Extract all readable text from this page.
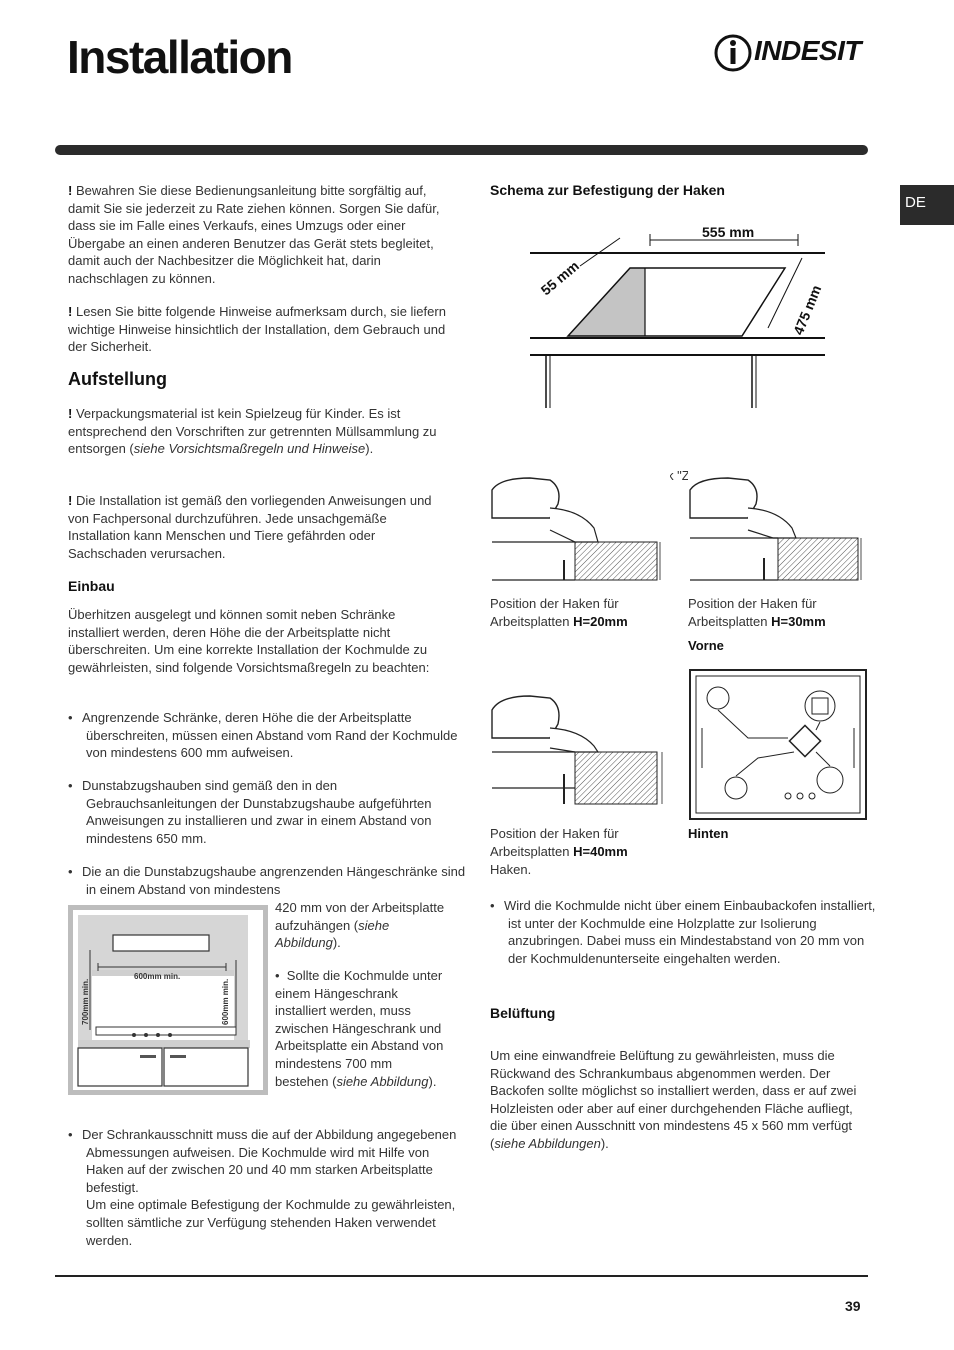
Installation	INDESIT
DE

! Bewahren Sie diese Bedienungsanleitung bitte sorgfältig auf, damit Sie sie jederzeit zu Rate ziehen können. Sorgen Sie dafür, dass sie im Falle eines Verkaufs, eines Umzugs oder einer Übergabe an einen anderen Benutzer das Gerät stets begleitet, damit auch der Nachbesitzer die Möglichkeit hat, darin nachschlagen zu können.

! Lesen Sie bitte folgende Hinweise aufmerksam durch, sie liefern wichtige Hinweise hinsichtlich der Installation, dem Gebrauch und der Sicherheit.

Aufstellung

! Verpackungsmaterial ist kein Spielzeug für Kinder. Es ist entsprechend den Vorschriften zur getrennten Müllsammlung zu entsorgen (siehe Vorsichtsmaßregeln und Hinweise).

! Die Installation ist gemäß den vorliegenden Anweisungen und von Fachpersonal durchzuführen. Jede unsachgemäße Installation kann Menschen und Tiere gefährden oder Sachschaden verursachen.

Einbau

Überhitzen ausgelegt und können somit neben Schränke installiert werden, deren Höhe die der Arbeitsplatte nicht überschreiten. Um eine korrekte Installation der Kochmulde zu gewährleisten, sind folgende Vorsichtsmaßregeln zu beachten:

• Angrenzende Schränke, deren Höhe die der Arbeitsplatte überschreiten, müssen einen Abstand vom Rand der Kochmulde von mindestens 600 mm aufweisen.
• Dunstabzugshauben sind gemäß den in den Gebrauchsanleitungen der Dunstabzugshaube aufgeführten Anweisungen zu installieren und zwar in einem Abstand von mindestens 650 mm.
• Die an die Dunstabzugshaube angrenzenden Hängeschränke sind in einem Abstand von mindestens
600mm min.
700mm min.	600mm min.

420 mm von der Arbeitsplatte aufzuhängen (siehe Abbildung).

• Sollte die Kochmulde unter einem Hängeschrank installiert werden, muss zwischen Hängeschrank und Arbeitsplatte ein Abstand von mindestens 700 mm bestehen (siehe Abbildung).

• Der Schrankausschnitt muss die auf der Abbildung angegebenen Abmessungen aufweisen. Die Kochmulde wird mit Hilfe von Haken auf der zwischen 20 und 40 mm starken Arbeitsplatte befestigt.
Um eine optimale Befestigung der Kochmulde zu gewährleisten, sollten sämtliche zur Verfügung stehenden Haken verwendet werden.
Schema zur Befestigung der Haken
555 mm
55 mm
475 mm

Position der Haken für Arbeitsplatten H=20mm
Position der Haken für Arbeitsplatten H=30mm
Vorne
Position der Haken für Arbeitsplatten H=40mm
Haken.
Hinten
• Wird die Kochmulde nicht über einem Einbaubackofen installiert, ist unter der Kochmulde eine Holzplatte zur Isolierung anzubringen. Dabei muss ein Mindestabstand von 20 mm von der Kochmuldenunterseite eingehalten werden.
Belüftung

Um eine einwandfreie Belüftung zu gewährleisten, muss die Rückwand des Schrankumbaus abgenommen werden. Der Backofen sollte möglichst so installiert werden, dass er auf zwei Holzleisten oder aber auf einer durchgehenden Fläche aufliegt, die über einen Ausschnitt von mindestens 45 x 560 mm verfügt (siehe Abbildungen).

39
